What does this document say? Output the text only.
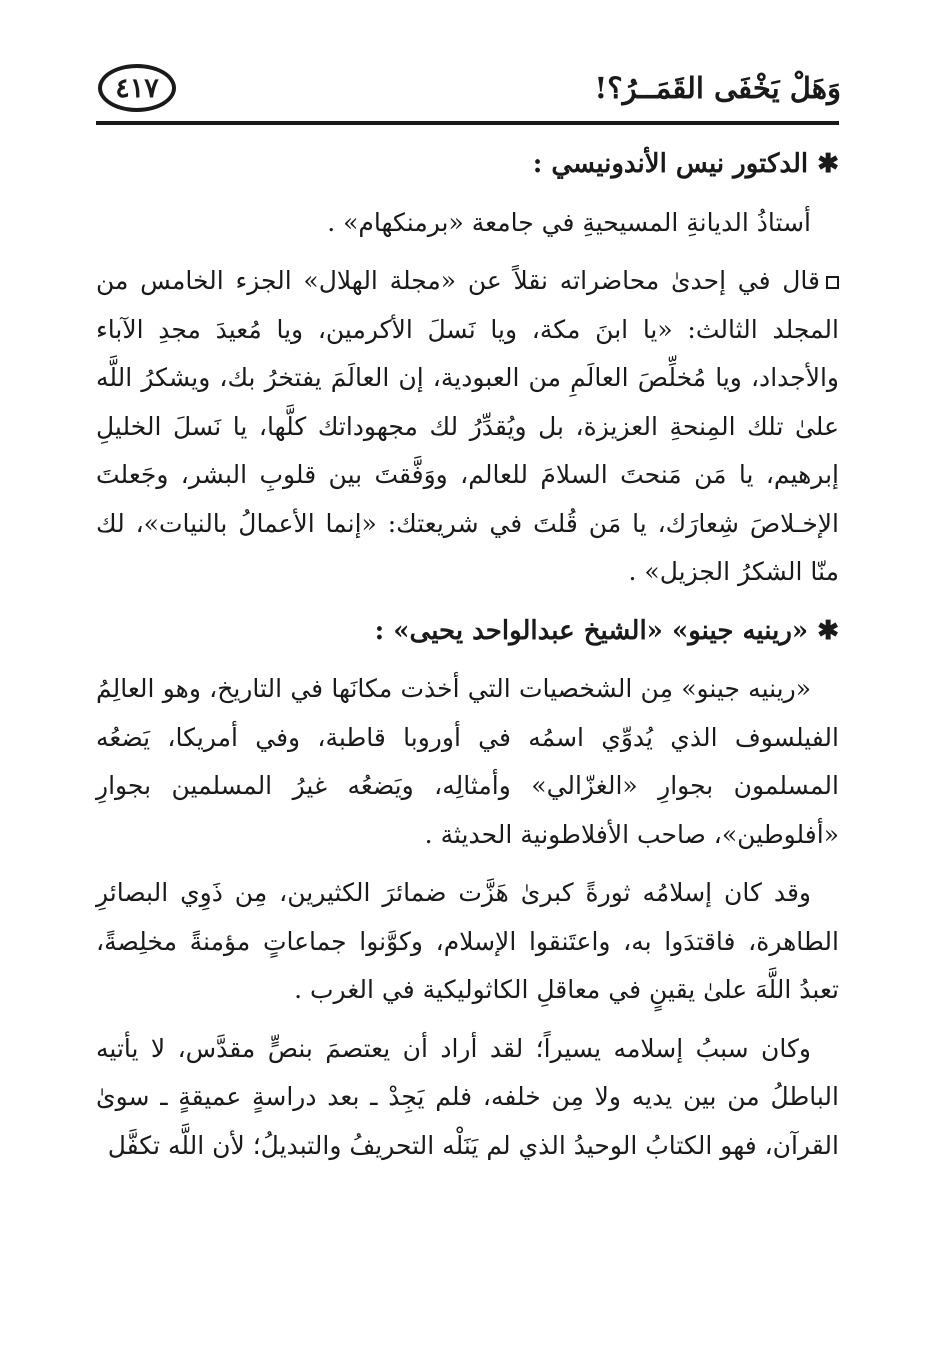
وَهَلْ يَخْفَى القَمَــرُ؟!
٤١٧

✱ الدكتور نيس الأندونيسي :

أستاذُ الديانةِ المسيحيةِ في جامعة «برمنكهام» .

قال في إحدىٰ محاضراته نقلاً عن «مجلة الهلال» الجزء الخامس من المجلد الثالث: «يا ابنَ مكة، ويا نَسلَ الأكرمين، ويا مُعيدَ مجدِ الآباء والأجداد، ويا مُخلِّصَ العالَمِ من العبودية، إن العالَمَ يفتخرُ بك، ويشكرُ اللَّه علىٰ تلك المِنحةِ العزيزة، بل ويُقدِّرُ لك مجهوداتك كلَّها، يا نَسلَ الخليلِ إبرهيم، يا مَن مَنحتَ السلامَ للعالم، ووَفَّقتَ بين قلوبِ البشر، وجَعلتَ الإخـلاصَ شِعارَك، يا مَن قُلتَ في شريعتك: «إنما الأعمالُ بالنيات»، لك منّا الشكرُ الجزيل» .

✱ «رينيه جينو» «الشيخ عبدالواحد يحيى» :

«رينيه جينو» مِن الشخصيات التي أخذت مكانَها في التاريخ، وهو العالِمُ الفيلسوف الذي يُدوِّي اسمُه في أوروبا قاطبة، وفي أمريكا، يَضعُه المسلمون بجوارِ «الغزّالي» وأمثالِه، ويَضعُه غيرُ المسلمين بجوارِ «أفلوطين»، صاحب الأفلاطونية الحديثة .

وقد كان إسلامُه ثورةً كبرىٰ هَزَّت ضمائرَ الكثيرين، مِن ذَوِي البصائرِ الطاهرة، فاقتدَوا به، واعتَنقوا الإسلام، وكوَّنوا جماعاتٍ مؤمنةً مخلِصةً، تعبدُ اللَّهَ علىٰ يقينٍ في معاقلِ الكاثوليكية في الغرب .

وكان سببُ إسلامه يسيراً؛ لقد أراد أن يعتصمَ بنصٍّ مقدَّس، لا يأتيه الباطلُ من بين يديه ولا مِن خلفه، فلم يَجِدْ ـ بعد دراسةٍ عميقةٍ ـ سوىٰ القرآن، فهو الكتابُ الوحيدُ الذي لم يَنَلْه التحريفُ والتبديلُ؛ لأن اللَّه تكفَّل
